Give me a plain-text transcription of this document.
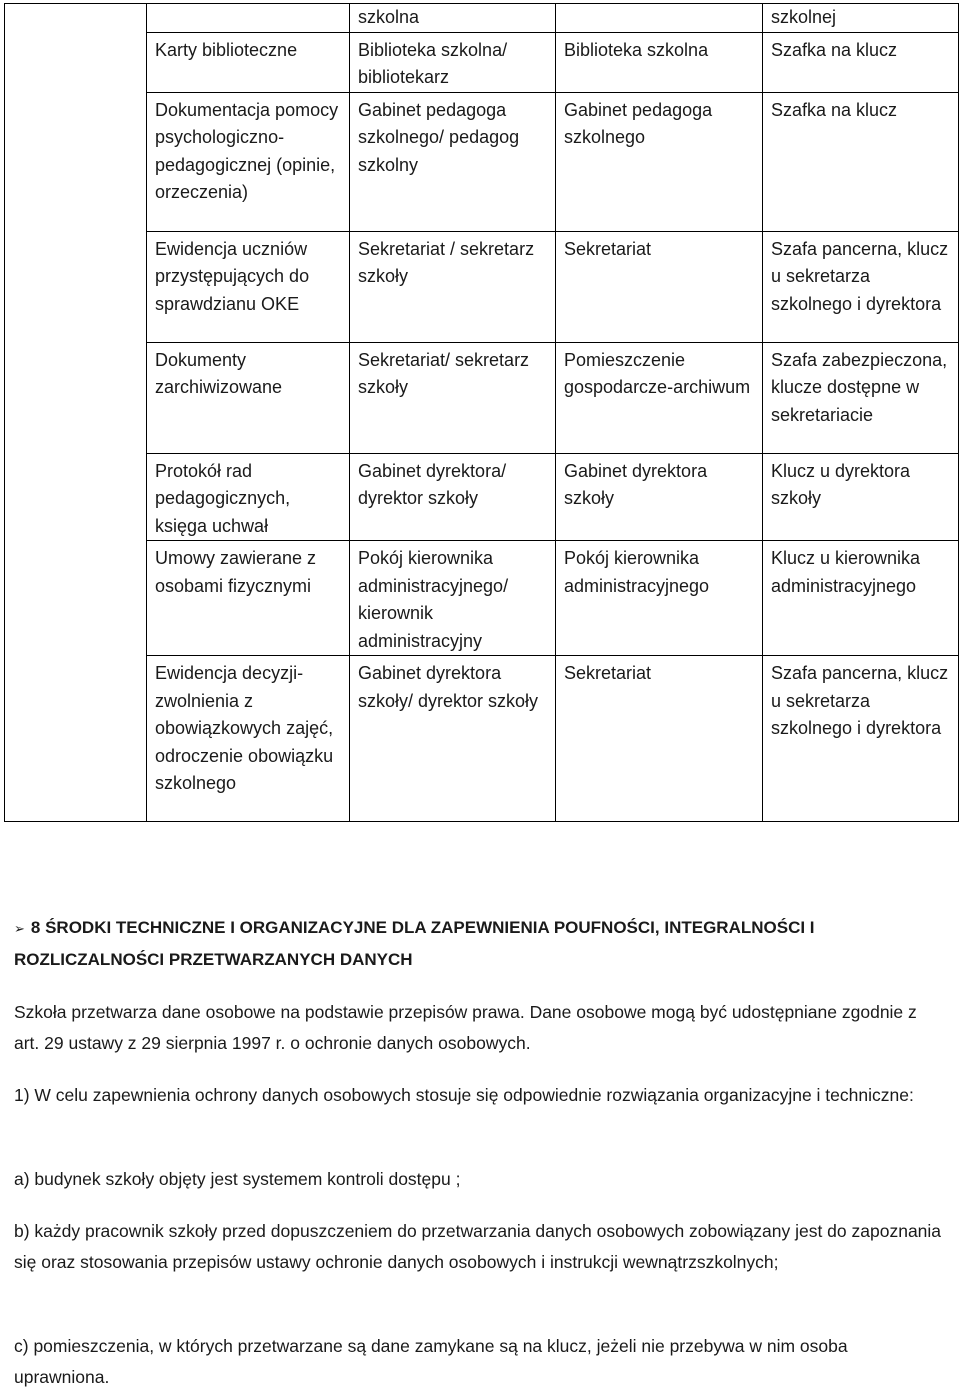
		szkolna		szkolnej
	Karty biblioteczne	Biblioteka szkolna/ bibliotekarz	Biblioteka szkolna	Szafka na klucz
	Dokumentacja pomocy psychologiczno-pedagogicznej (opinie, orzeczenia)	Gabinet pedagoga szkolnego/ pedagog szkolny	Gabinet pedagoga szkolnego	Szafka na klucz
	Ewidencja uczniów przystępujących do sprawdzianu OKE	Sekretariat / sekretarz szkoły	Sekretariat	Szafa pancerna, klucz u sekretarza szkolnego i dyrektora
	Dokumenty zarchiwizowane	Sekretariat/ sekretarz szkoły	Pomieszczenie gospodarcze-archiwum	Szafa zabezpieczona, klucze dostępne w sekretariacie
	Protokół rad pedagogicznych, księga uchwał	Gabinet dyrektora/ dyrektor szkoły	Gabinet dyrektora szkoły	Klucz u dyrektora szkoły
	Umowy zawierane z osobami fizycznymi	Pokój kierownika administracyjnego/ kierownik administracyjny	Pokój kierownika administracyjnego	Klucz u kierownika administracyjnego
	Ewidencja decyzji-zwolnienia z obowiązkowych zajęć, odroczenie obowiązku szkolnego	Gabinet dyrektora szkoły/ dyrektor szkoły	Sekretariat	Szafa pancerna, klucz u sekretarza szkolnego i dyrektora

➢ 8 ŚRODKI TECHNICZNE I ORGANIZACYJNE DLA ZAPEWNIENIA POUFNOŚCI, INTEGRALNOŚCI I ROZLICZALNOŚCI PRZETWARZANYCH DANYCH

Szkoła przetwarza dane osobowe na podstawie przepisów prawa. Dane osobowe mogą być udostępniane zgodnie z art. 29 ustawy z 29 sierpnia 1997 r. o ochronie danych osobowych.

1) W celu zapewnienia ochrony danych osobowych stosuje się odpowiednie rozwiązania organizacyjne i techniczne:

a) budynek szkoły objęty jest systemem kontroli dostępu ;

b) każdy pracownik szkoły przed dopuszczeniem do przetwarzania danych osobowych zobowiązany jest do zapoznania się oraz stosowania przepisów ustawy ochronie danych osobowych i instrukcji wewnątrzszkolnych;

c) pomieszczenia, w których przetwarzane są dane zamykane są na klucz, jeżeli nie przebywa w nim osoba uprawniona.
